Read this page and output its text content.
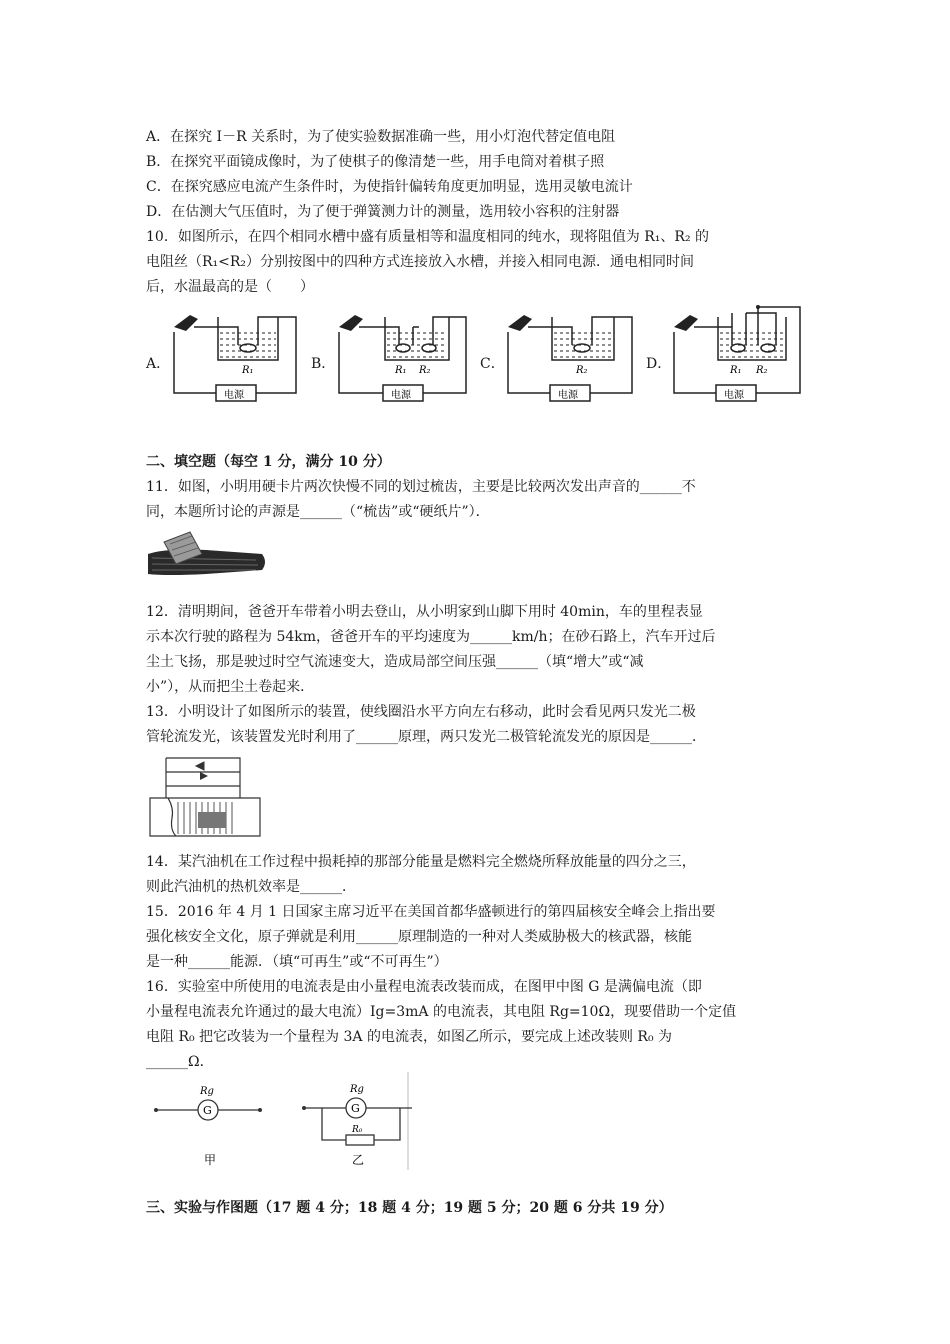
A．在探究 I－R 关系时，为了使实验数据准确一些，用小灯泡代替定值电阻
B．在探究平面镜成像时，为了使棋子的像清楚一些，用手电筒对着棋子照
C．在探究感应电流产生条件时，为使指针偏转角度更加明显，选用灵敏电流计
D．在估测大气压值时，为了便于弹簧测力计的测量，选用较小容积的注射器
10．如图所示，在四个相同水槽中盛有质量相等和温度相同的纯水，现将阻值为 R₁、R₂ 的
电阻丝（R₁<R₂）分别按图中的四种方式连接放入水槽，并接入相同电源．通电相同时间
后，水温最高的是（　　）
A．	R₁
电源
B．	R₁ R₂
电源
C．	R₂
电源
D．	R₁ R₂
电源
二、填空题（每空 1 分，满分 10 分）
11．如图，小明用硬卡片两次快慢不同的划过梳齿，主要是比较两次发出声音的______不
同，本题所讨论的声源是______（“梳齿”或“硬纸片”）．
12．清明期间，爸爸开车带着小明去登山，从小明家到山脚下用时 40min，车的里程表显
示本次行驶的路程为 54km，爸爸开车的平均速度为______km/h；在砂石路上，汽车开过后
尘土飞扬，那是驶过时空气流速变大，造成局部空间压强______（填“增大”或“减
小”），从而把尘土卷起来．
13．小明设计了如图所示的装置，使线圈沿水平方向左右移动，此时会看见两只发光二极
管轮流发光，该装置发光时利用了______原理，两只发光二极管轮流发光的原因是______．
14．某汽油机在工作过程中损耗掉的那部分能量是燃料完全燃烧所释放能量的四分之三，
则此汽油机的热机效率是______．
15．2016 年 4 月 1 日国家主席习近平在美国首都华盛顿进行的第四届核安全峰会上指出要
强化核安全文化，原子弹就是利用______原理制造的一种对人类威胁极大的核武器，核能
是一种______能源．（填“可再生”或“不可再生”）
16．实验室中所使用的电流表是由小量程电流表改装而成，在图甲中图 G 是满偏电流（即
小量程电流表允许通过的最大电流）Ig=3mA 的电流表，其电阻 Rg=10Ω，现要借助一个定值
电阻 R₀ 把它改装为一个量程为 3A 的电流表，如图乙所示，要完成上述改装则 R₀ 为
______Ω．
Rg
G
甲
Rg
G
R₀
乙
三、实验与作图题（17 题 4 分；18 题 4 分；19 题 5 分；20 题 6 分共 19 分）
